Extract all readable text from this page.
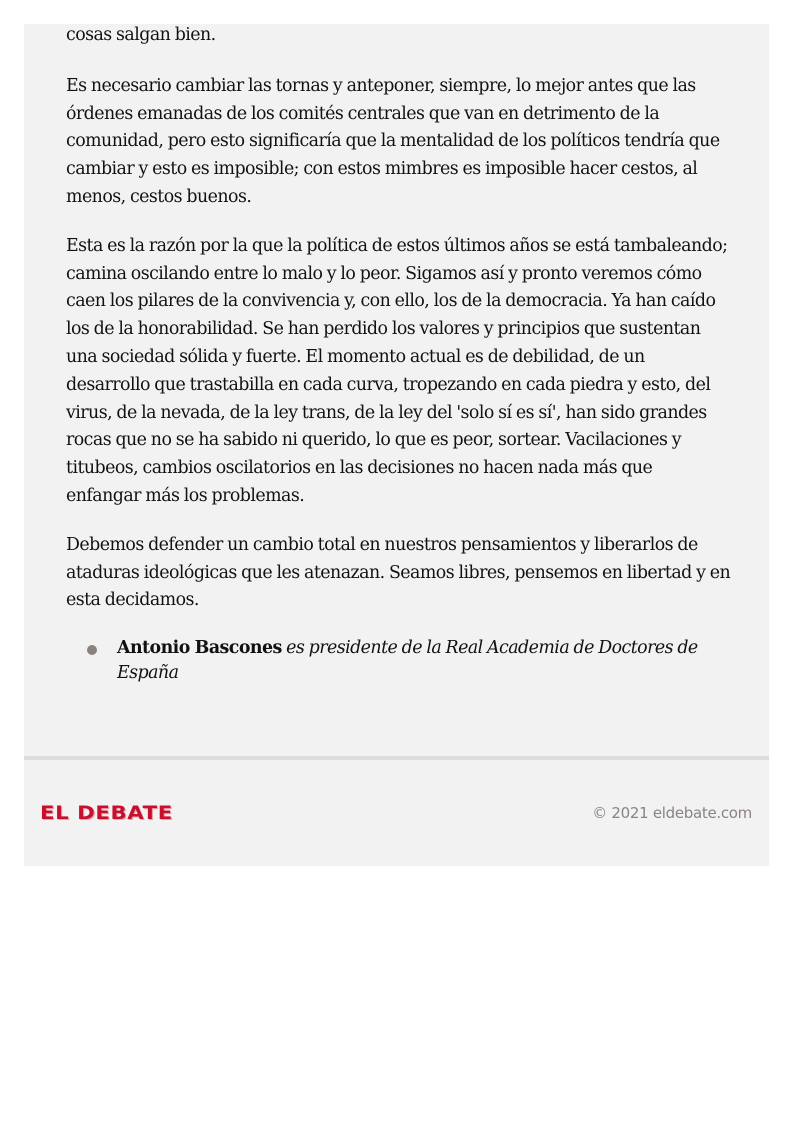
cosas salgan bien.

Es necesario cambiar las tornas y anteponer, siempre, lo mejor antes que las órdenes emanadas de los comités centrales que van en detrimento de la comunidad, pero esto significaría que la mentalidad de los políticos tendría que cambiar y esto es imposible; con estos mimbres es imposible hacer cestos, al menos, cestos buenos.

Esta es la razón por la que la política de estos últimos años se está tambaleando; camina oscilando entre lo malo y lo peor. Sigamos así y pronto veremos cómo caen los pilares de la convivencia y, con ello, los de la democracia. Ya han caído los de la honorabilidad. Se han perdido los valores y principios que sustentan una sociedad sólida y fuerte. El momento actual es de debilidad, de un desarrollo que trastabilla en cada curva, tropezando en cada piedra y esto, del virus, de la nevada, de la ley trans, de la ley del 'solo sí es sí', han sido grandes rocas que no se ha sabido ni querido, lo que es peor, sortear. Vacilaciones y titubeos, cambios oscilatorios en las decisiones no hacen nada más que enfangar más los problemas.

Debemos defender un cambio total en nuestros pensamientos y liberarlos de ataduras ideológicas que les atenazan. Seamos libres, pensemos en libertad y en esta decidamos.

Antonio Bascones es presidente de la Real Academia de Doctores de España
EL DEBATE	© 2021 eldebate.com
